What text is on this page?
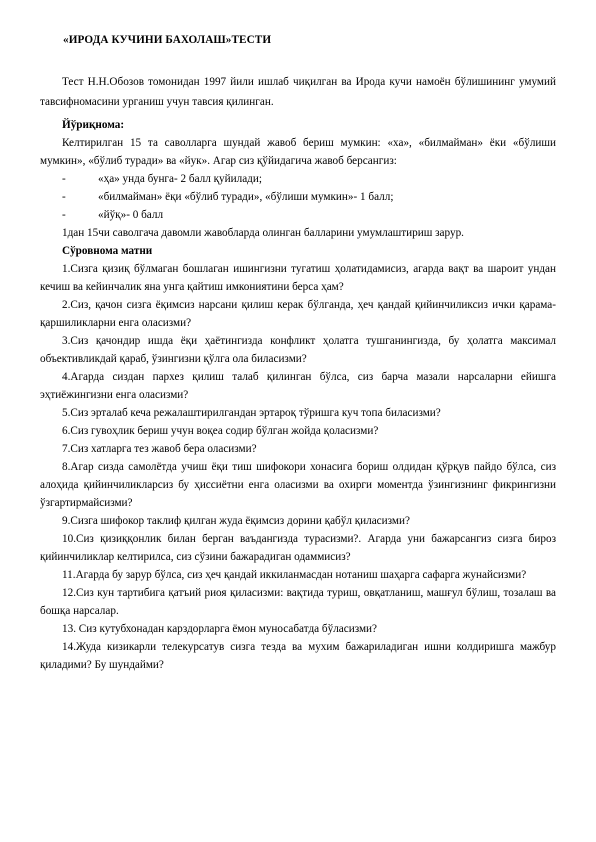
«ИРОДА КУЧИНИ БАХОЛАШ»ТЕСТИ

Тест Н.Н.Обозов томонидан 1997 йили ишлаб чиқилган ва Ирода кучи намоён бўлишининг умумий тавсифномасини урганиш учун тавсия қилинган.

Йўриқнома:

Келтирилган 15 та саволларга шундай жавоб бериш мумкин: «ха», «билмайман» ёки «бўлиши мумкин», «бўлиб туради» ва «йук». Агар сиз қўйидагича жавоб берсангиз:

-	«ҳа» унда бунга- 2 балл қуйилади;
-	«билмайман» ёқи «бўлиб туради», «бўлиши мумкин»- 1 балл;
-	«йўқ»- 0 балл

1дан 15чи саволгача давомли жавобларда олинган балларини умумлаштириш зарур.

Сўровнома матни

1.Сизга қизиқ бўлмаган бошлаган ишингизни тугатиш ҳолатидамисиз, агарда вақт ва шароит ундан кечиш ва кейинчалик яна унга қайтиш имкониятини берса ҳам?

2.Сиз, қачон сизга ёқимсиз нарсани қилиш керак бўлганда, ҳеч қандай қийинчиликсиз ички қарама-қаршиликларни енга оласизми?

3.Сиз қачондир ишда ёқи ҳаётингизда конфликт ҳолатга тушганингизда, бу ҳолатга максимал объективликдай қараб, ўзингизни қўлга ола биласизми?

4.Агарда сиздан пархез қилиш талаб қилинган бўлса, сиз барча мазали нарсаларни ейишга эҳтиёжингизни енга оласизми?

5.Сиз эрталаб кеча режалаштирилгандан эртароқ тўришга куч топа биласизми?

6.Сиз гувоҳлик бериш учун воқеа содир бўлган жойда қоласизми?

7.Сиз хатларга тез жавоб бера оласизми?

8.Агар сизда самолётда учиш ёқи тиш шифокори хонасига бориш олдидан қўрқув пайдо бўлса, сиз алоҳида қийинчиликларсиз бу ҳиссиётни енга оласизми ва охирги моментда ўзингизнинг фикрингизни ўзгартирмайсизми?

9.Сизга шифокор таклиф қилган жуда ёқимсиз дорини қабўл қиласизми?

10.Сиз қизиққонлик билан берган ваъдангизда турасизми?. Агарда уни бажарсангиз сизга бироз қийинчиликлар келтирилса, сиз сўзини бажарадиган одаммисиз?

11.Агарда бу зарур бўлса, сиз ҳеч қандай иккиланмасдан нотаниш шаҳарга сафарга жунайсизми?

12.Сиз кун тартибига қатъий риоя қиласизми: вақтида туриш, овқатланиш, машғул бўлиш, тозалаш ва бошқа нарсалар.

13. Сиз кутубхонадан карздорларга ёмон муносабатда бўласизми?

14.Жуда кизикарли телекурсатув сизга тезда ва мухим бажариладиган ишни колдиришга мажбур қиладими? Бу шундайми?
